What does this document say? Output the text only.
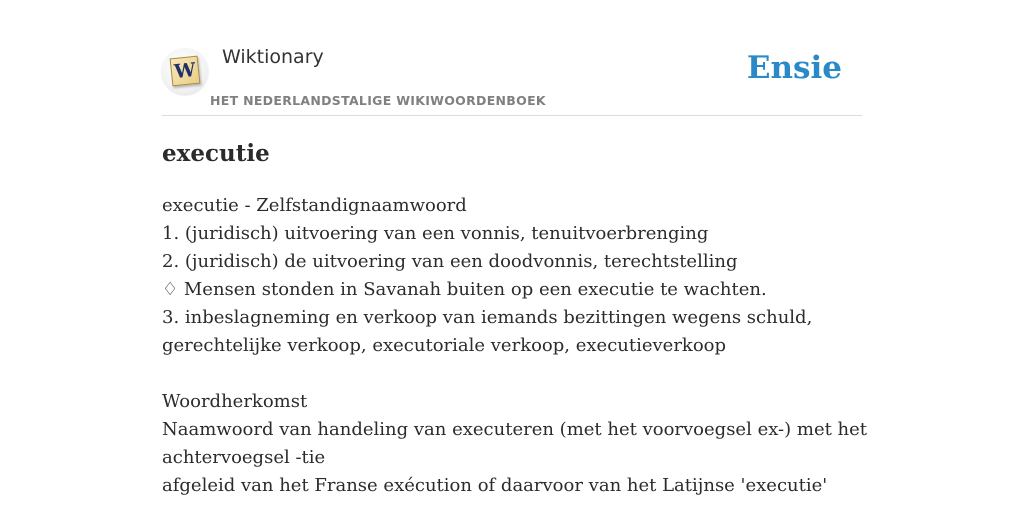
W
Wiktionary
HET NEDERLANDSTALIGE WIKIWOORDENBOEK
Ensie
executie
executie - Zelfstandignaamwoord
1. (juridisch) uitvoering van een vonnis, tenuitvoerbrenging
2. (juridisch) de uitvoering van een doodvonnis, terechtstelling
♢ Mensen stonden in Savanah buiten op een executie te wachten.
3. inbeslagneming en verkoop van iemands bezittingen wegens schuld,
gerechtelijke verkoop, executoriale verkoop, executieverkoop
Woordherkomst
Naamwoord van handeling van executeren (met het voorvoegsel ex-) met het
achtervoegsel -tie
afgeleid van het Franse exécution of daarvoor van het Latijnse 'executie'
